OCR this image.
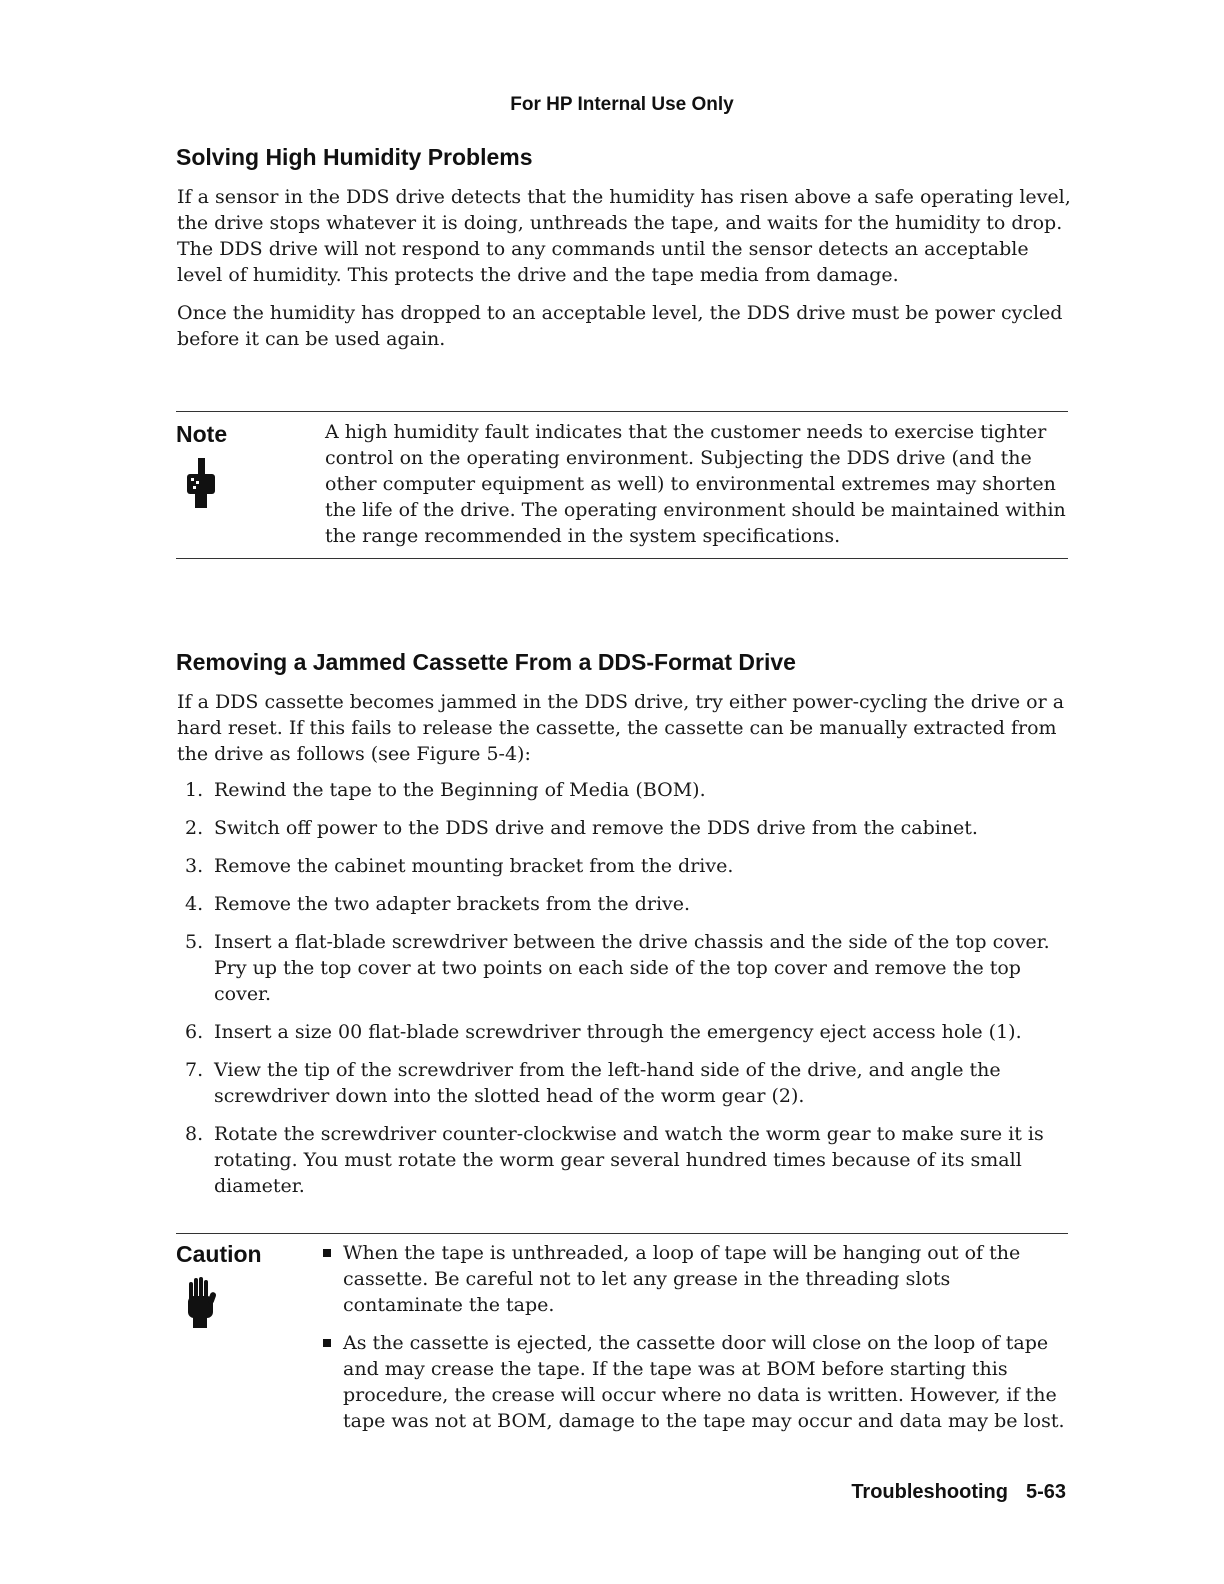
For HP Internal Use Only
Solving High Humidity Problems

If a sensor in the DDS drive detects that the humidity has risen above a safe operating level, the drive stops whatever it is doing, unthreads the tape, and waits for the humidity to drop. The DDS drive will not respond to any commands until the sensor detects an acceptable level of humidity. This protects the drive and the tape media from damage.

Once the humidity has dropped to an acceptable level, the DDS drive must be power cycled before it can be used again.

Note	A high humidity fault indicates that the customer needs to exercise tighter control on the operating environment. Subjecting the DDS drive (and the other computer equipment as well) to environmental extremes may shorten the life of the drive. The operating environment should be maintained within the range recommended in the system specifications.

Removing a Jammed Cassette From a DDS-Format Drive

If a DDS cassette becomes jammed in the DDS drive, try either power-cycling the drive or a hard reset. If this fails to release the cassette, the cassette can be manually extracted from the drive as follows (see Figure 5-4):

1. Rewind the tape to the Beginning of Media (BOM).
2. Switch off power to the DDS drive and remove the DDS drive from the cabinet.
3. Remove the cabinet mounting bracket from the drive.
4. Remove the two adapter brackets from the drive.
5. Insert a flat-blade screwdriver between the drive chassis and the side of the top cover. Pry up the top cover at two points on each side of the top cover and remove the top cover.
6. Insert a size 00 flat-blade screwdriver through the emergency eject access hole (1).
7. View the tip of the screwdriver from the left-hand side of the drive, and angle the screwdriver down into the slotted head of the worm gear (2).
8. Rotate the screwdriver counter-clockwise and watch the worm gear to make sure it is rotating. You must rotate the worm gear several hundred times because of its small diameter.
Caution	When the tape is unthreaded, a loop of tape will be hanging out of the cassette. Be careful not to let any grease in the threading slots contaminate the tape.
As the cassette is ejected, the cassette door will close on the loop of tape and may crease the tape. If the tape was at BOM before starting this procedure, the crease will occur where no data is written. However, if the tape was not at BOM, damage to the tape may occur and data may be lost.
Troubleshooting 5-63
